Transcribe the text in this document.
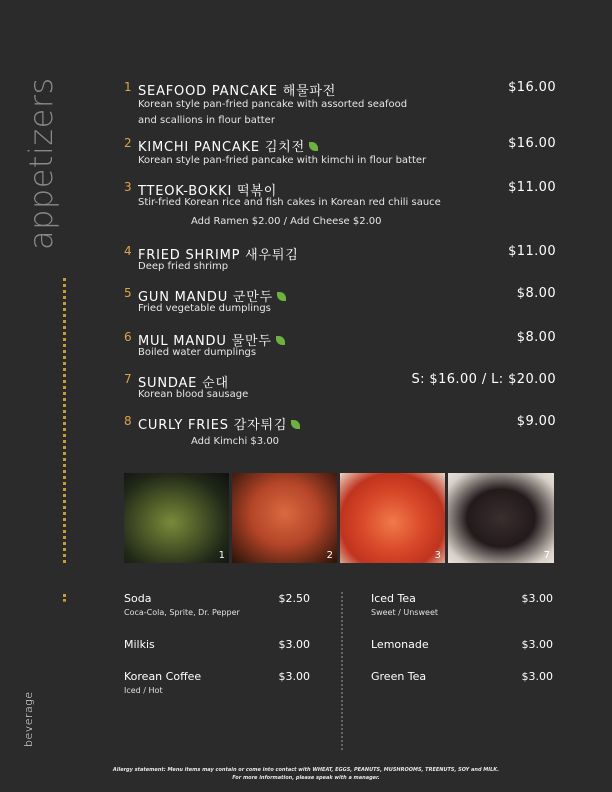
appetizers
beverage
1 SEAFOOD PANCAKE 해물파전	$16.00
Korean style pan-fried pancake with assorted seafood
and scallions in flour batter
2 KIMCHI PANCAKE 김치전	$16.00
Korean style pan-fried pancake with kimchi in flour batter
3 TTEOK-BOKKI 떡볶이	$11.00
Stir-fried Korean rice and fish cakes in Korean red chili sauce
Add Ramen $2.00 / Add Cheese $2.00
4 FRIED SHRIMP 새우튀김	$11.00
Deep fried shrimp
5 GUN MANDU 군만두	$8.00
Fried vegetable dumplings
6 MUL MANDU 물만두	$8.00
Boiled water dumplings
7 SUNDAE 순대	S: $16.00 / L: $20.00
Korean blood sausage
8 CURLY FRIES 감자튀김	$9.00
Add Kimchi $3.00
1	2	3	7
Soda
Coca-Cola, Sprite, Dr. Pepper
$2.50
Milkis	$3.00
Korean Coffee
Iced / Hot
$3.00
Iced Tea
Sweet / Unsweet
$3.00
Lemonade	$3.00
Green Tea	$3.00
Allergy statement: Menu items may contain or come into contact with WHEAT, EGGS, PEANUTS, MUSHROOMS, TREENUTS, SOY and MILK.
For more information, please speak with a manager.
